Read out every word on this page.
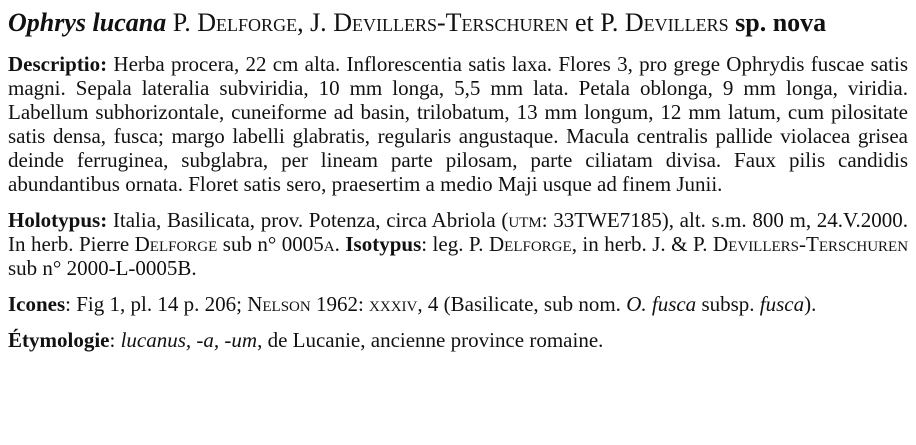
Ophrys lucana P. Delforge, J. Devillers-Terschuren et P. Devillers sp. nova

Descriptio: Herba procera, 22 cm alta. Inflorescentia satis laxa. Flores 3, pro grege Ophrydis fuscae satis magni. Sepala lateralia subviridia, 10 mm longa, 5,5 mm lata. Petala oblonga, 9 mm longa, viridia. Labellum subhorizontale, cuneiforme ad basin, trilobatum, 13 mm longum, 12 mm latum, cum pilositate satis densa, fusca; margo labelli glabratis, regularis angustaque. Macula centralis pallide violacea grisea deinde ferruginea, subglabra, per lineam parte pilosam, parte ciliatam divisa. Faux pilis candidis abundantibus ornata. Floret satis sero, praesertim a medio Maji usque ad finem Junii.

Holotypus: Italia, Basilicata, prov. Potenza, circa Abriola (utm: 33TWE7185), alt. s.m. 800 m, 24.V.2000. In herb. Pierre Delforge sub n° 0005a. Isotypus: leg. P. Delforge, in herb. J. & P. Devillers-Terschuren sub n° 2000-L-0005B.

Icones: Fig 1, pl. 14 p. 206; Nelson 1962: xxxiv, 4 (Basilicate, sub nom. O. fusca subsp. fusca).

Étymologie: lucanus, -a, -um, de Lucanie, ancienne province romaine.
